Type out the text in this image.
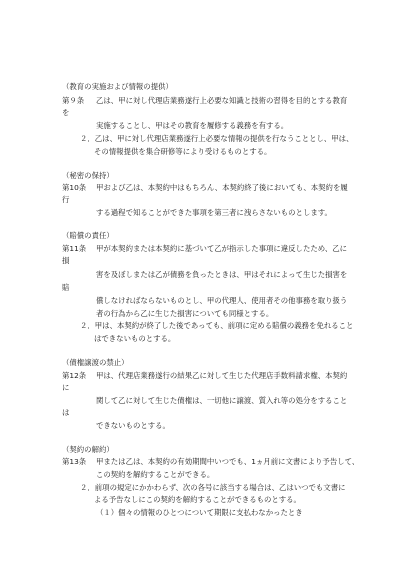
（教育の実施および情報の提供）
第９条 乙は、甲に対し代理店業務遂行上必要な知識と技術の習得を目的とする教育
を
実施することし、甲はその教育を履修する義務を有する。
２．乙は、甲に対し代理店業務遂行上必要な情報の提供を行なうこととし、甲は、
その情報提供を集合研修等により受けるものとする。
（秘密の保持）
第10条 甲および乙は、本契約中はもちろん、本契約終了後においても、本契約を履
行
する過程で知ることができた事項を第三者に洩らさないものとします。
（賠償の責任）
第11条 甲が本契約または本契約に基づいて乙が指示した事項に違反したため、乙に
損
害を及ぼしまたは乙が債務を負ったときは、甲はそれによって生じた損害を
賠
償しなければならないものとし、甲の代理人、使用者その他事務を取り扱う
者の行為から乙に生じた損害についても同様とする。
２．甲は、本契約が終了した後であっても、前項に定める賠償の義務を免れること
はできないものとする。
（債権譲渡の禁止）
第12条 甲は、代理店業務遂行の結果乙に対して生じた代理店手数料請求権、本契約
に
関して乙に対して生じた債権は、一切他に譲渡、質入れ等の処分をすること
は
できないものとする。
（契約の解約）
第13条 甲または乙は、本契約の有効期間中いつでも、1ヵ月前に文書により予告して、
この契約を解約することができる。
２．前項の規定にかかわらず、次の各号に該当する場合は、乙はいつでも文書に
よる予告なしにこの契約を解約することができるものとする。
（１）個々の情報のひとつについて期限に支払わなかったとき
